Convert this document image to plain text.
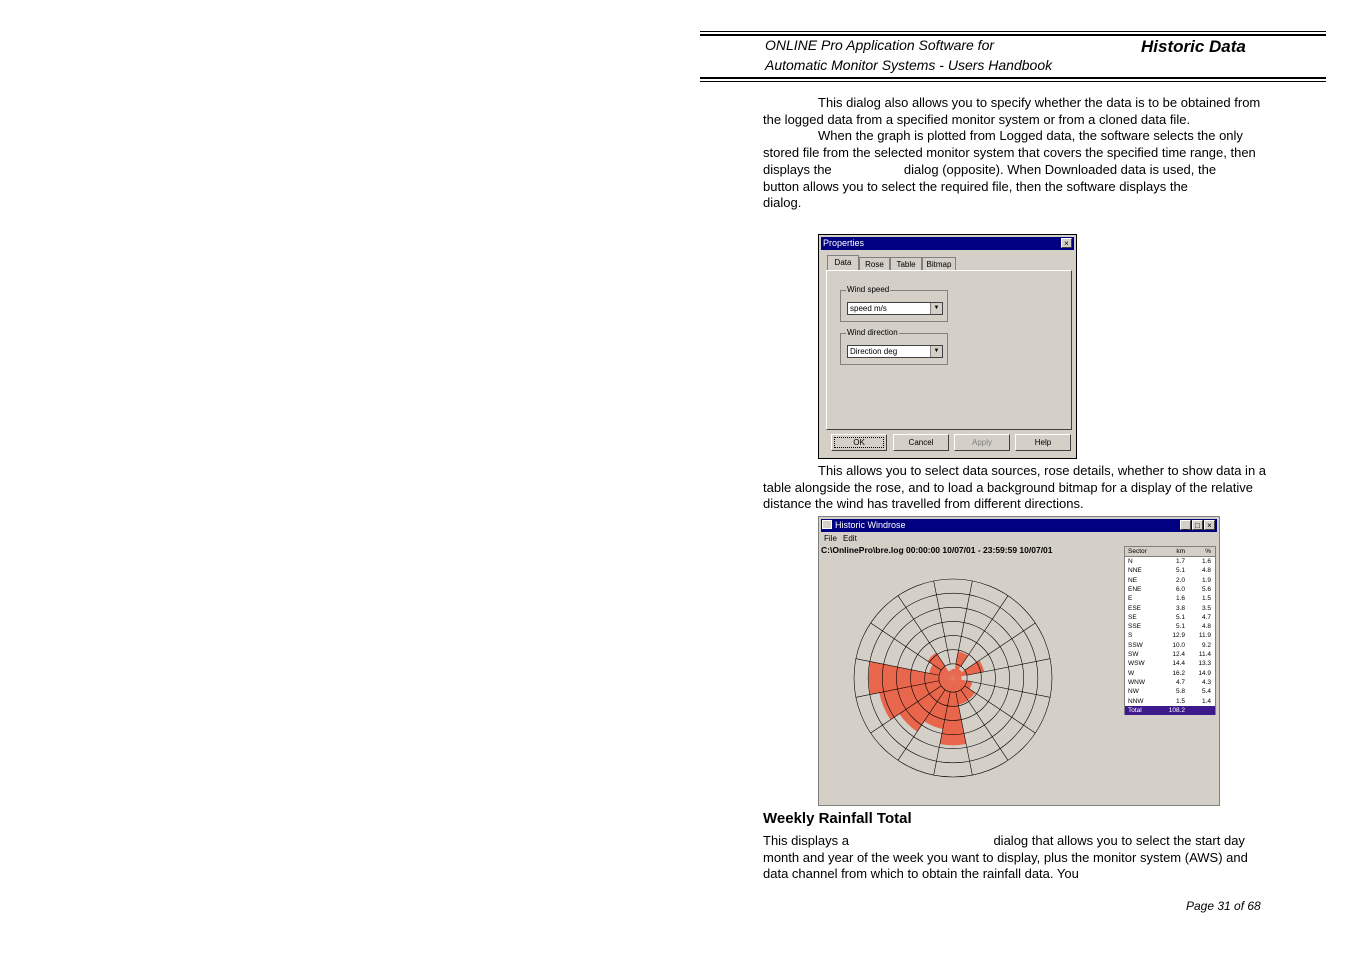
ONLINE Pro Application Software for
Automatic Monitor Systems - Users Handbook
Historic Data

This dialog also allows you to specify whether the data is to be obtained from the logged data from a specified monitor system or from a cloned data file.

When the graph is plotted from Logged data, the software selects the only stored file from the selected monitor system that covers the specified time range, then displays the                    dialog (opposite). When Downloaded data is used, the              button allows you to select the required file, then the software displays the                    dialog.

Properties	×
Data	Rose	Table	Bitmap
Wind speed
speed m/s	▼
Wind direction
Direction deg	▼
OK	Cancel	Apply	Help

This allows you to select data sources, rose details, whether to show data in a table alongside the rose, and to load a background bitmap for a display of the relative distance the wind has travelled from different directions.

Historic Windrose	_ □ ×
File Edit
C:\OnlinePro\bre.log 00:00:00 10/07/01 - 23:59:59 10/07/01	Sector	km	%
N	1.7	1.6
NNE	5.1	4.8
NE	2.0	1.9
ENE	6.0	5.6
E	1.6	1.5
ESE	3.8	3.5
SE	5.1	4.7
SSE	5.1	4.8
S	12.9 11.9
SSW	10.0	9.2
SW	12.4 11.4
WSW	14.4 13.3
W	16.2 14.9
WNW	4.7	4.3
NW	5.8	5.4
NNW	1.5	1.4
Total	108.2
Weekly Rainfall Total

This displays a                                        dialog that allows you to select the start day month and year of the week you want to display, plus the monitor system (AWS) and data channel from which to obtain the rainfall data. You

Page 31 of 68
